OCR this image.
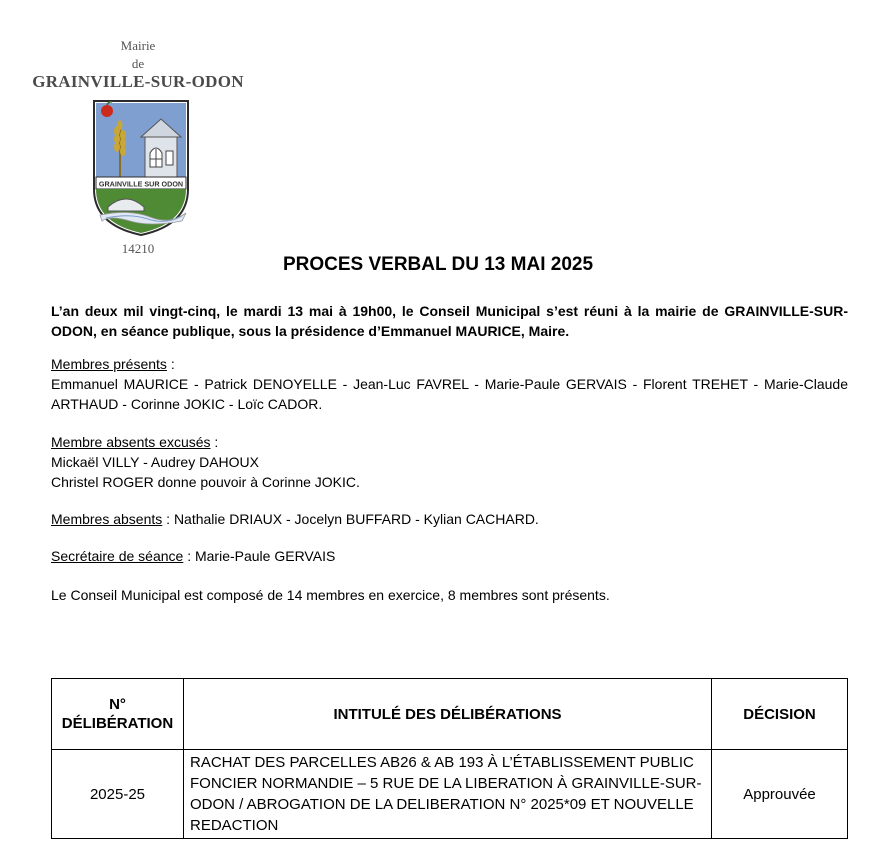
Mairie
de
GRAINVILLE-SUR-ODON
GRAINVILLE SUR ODON
14210
PROCES VERBAL DU 13 MAI 2025
L’an deux mil vingt-cinq, le mardi 13 mai à 19h00, le Conseil Municipal s’est réuni à la mairie de GRAINVILLE-SUR-ODON, en séance publique, sous la présidence d’Emmanuel MAURICE, Maire.
Membres présents :
Emmanuel MAURICE - Patrick DENOYELLE - Jean-Luc FAVREL - Marie-Paule GERVAIS - Florent TREHET - Marie-Claude ARTHAUD - Corinne JOKIC - Loïc CADOR.
Membre absents excusés :
Mickaël VILLY - Audrey DAHOUX
Christel ROGER donne pouvoir à Corinne JOKIC.
Membres absents : Nathalie DRIAUX - Jocelyn BUFFARD - Kylian CACHARD.
Secrétaire de séance : Marie-Paule GERVAIS
Le Conseil Municipal est composé de 14 membres en exercice, 8 membres sont présents.
N°
DÉLIBÉRATION	INTITULÉ DES DÉLIBÉRATIONS	DÉCISION
2025-25	RACHAT DES PARCELLES AB26 & AB 193 À L’ÉTABLISSEMENT PUBLIC FONCIER NORMANDIE – 5 RUE DE LA LIBERATION À GRAINVILLE-SUR-ODON / ABROGATION DE LA DELIBERATION N° 2025*09 ET NOUVELLE REDACTION	Approuvée
